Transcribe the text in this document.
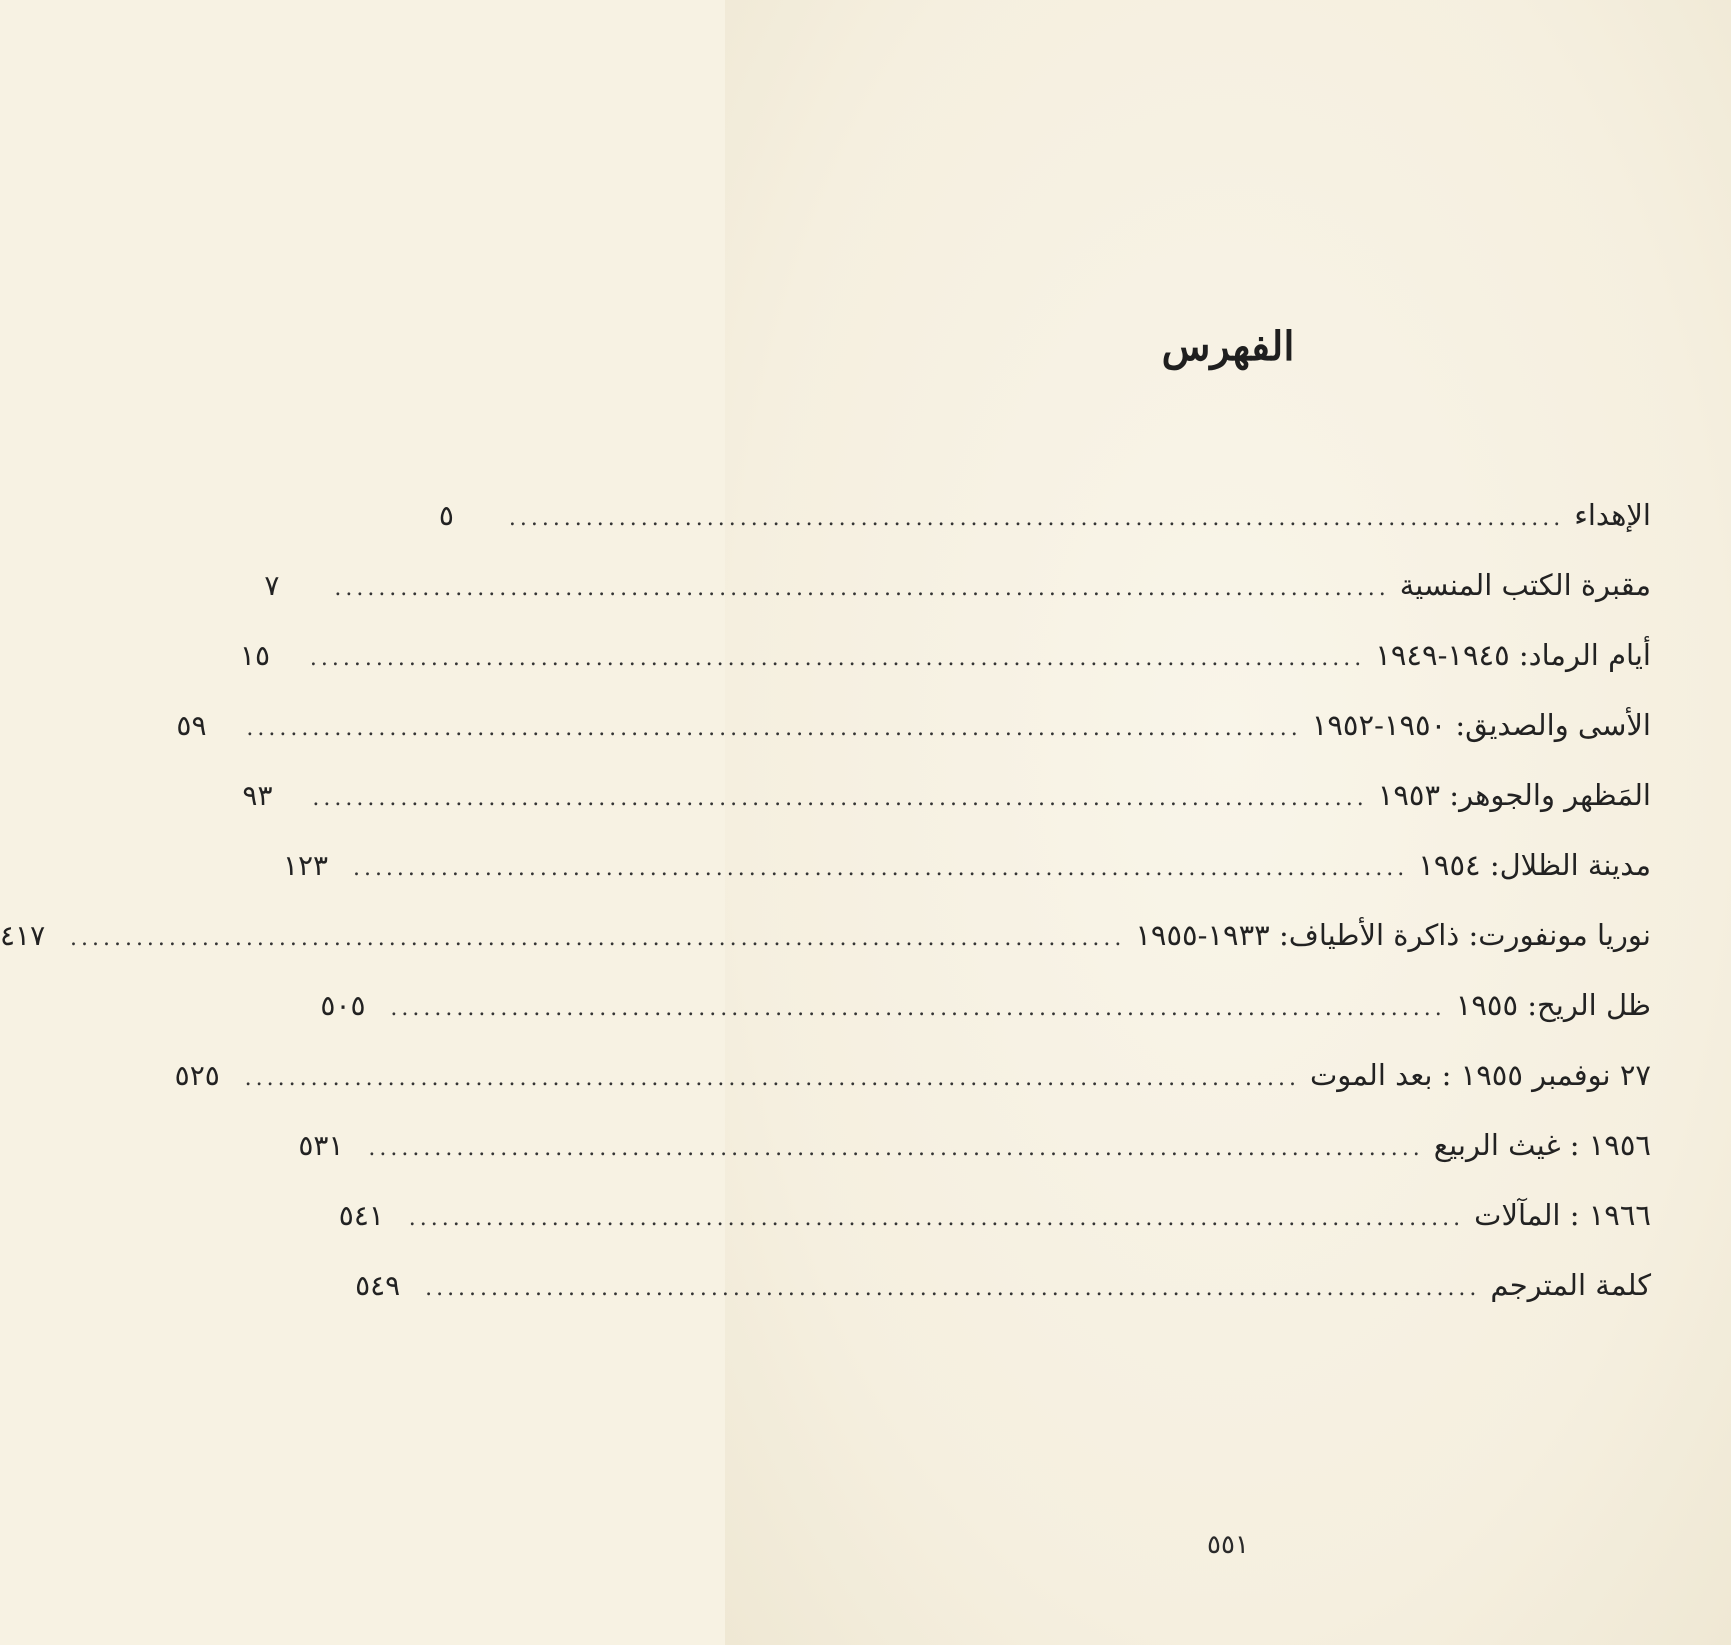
الفهرس
الإهداء
................................................................................................
٥
مقبرة الكتب المنسية
................................................................................................
٧
أيام الرماد: ١٩٤٥-١٩٤٩
................................................................................................
١٥
الأسى والصديق: ١٩٥٠-١٩٥٢
................................................................................................
٥٩
المَظهر والجوهر: ١٩٥٣
................................................................................................
٩٣
مدينة الظلال: ١٩٥٤
................................................................................................
١٢٣
نوريا مونفورت: ذاكرة الأطياف: ١٩٣٣-١٩٥٥
................................................................................................
٤١٧
ظل الريح: ١٩٥٥
................................................................................................
٥٠٥
٢٧ نوفمبر ١٩٥٥ : بعد الموت
................................................................................................
٥٢٥
١٩٥٦ : غيث الربيع
................................................................................................
٥٣١
١٩٦٦ : المآلات
................................................................................................
٥٤١
كلمة المترجم
................................................................................................
٥٤٩
٥٥١
